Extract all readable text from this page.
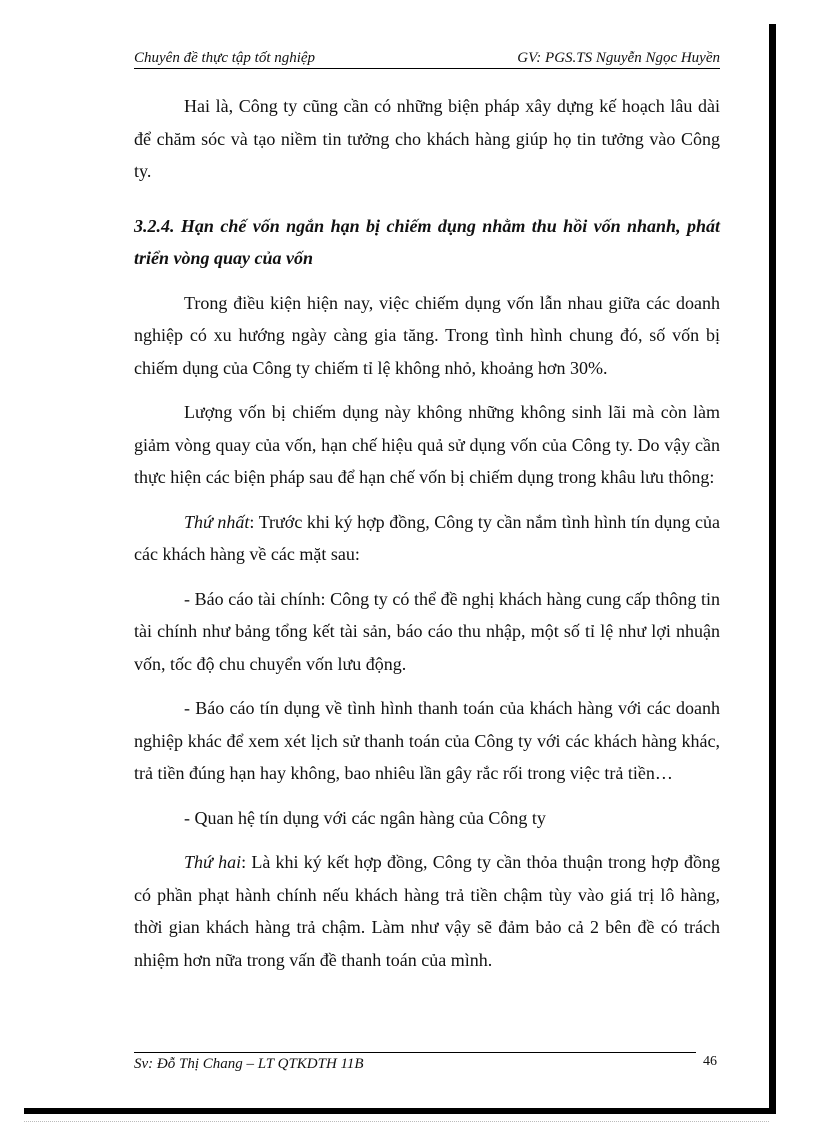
Chuyên đề thực tập tốt nghiệp	GV: PGS.TS Nguyễn Ngọc Huyền

Hai là, Công ty cũng cần có những biện pháp xây dựng kế hoạch lâu dài để chăm sóc và tạo niềm tin tưởng cho khách hàng giúp họ tin tưởng vào Công ty.

3.2.4. Hạn chế vốn ngắn hạn bị chiếm dụng nhằm thu hồi vốn nhanh, phát triển vòng quay của vốn

Trong điều kiện hiện nay, việc chiếm dụng vốn lẫn nhau giữa các doanh nghiệp có xu hướng ngày càng gia tăng. Trong tình hình chung đó, số vốn bị chiếm dụng của Công ty chiếm tỉ lệ không nhỏ, khoảng hơn 30%.

Lượng vốn bị chiếm dụng này không những không sinh lãi mà còn làm giảm vòng quay của vốn, hạn chế hiệu quả sử dụng vốn của Công ty. Do vậy cần thực hiện các biện pháp sau để hạn chế vốn bị chiếm dụng trong khâu lưu thông:

Thứ nhất: Trước khi ký hợp đồng, Công ty cần nắm tình hình tín dụng của các khách hàng về các mặt sau:

- Báo cáo tài chính: Công ty có thể đề nghị khách hàng cung cấp thông tin tài chính như bảng tổng kết tài sản, báo cáo thu nhập, một số tỉ lệ như lợi nhuận vốn, tốc độ chu chuyển vốn lưu động.

- Báo cáo tín dụng về tình hình thanh toán của khách hàng với các doanh nghiệp khác để xem xét lịch sử thanh toán của Công ty với các khách hàng khác, trả tiền đúng hạn hay không, bao nhiêu lần gây rắc rối trong việc trả tiền…

- Quan hệ tín dụng với các ngân hàng của Công ty

Thứ hai: Là khi ký kết hợp đồng, Công ty cần thỏa thuận trong hợp đồng có phần phạt hành chính nếu khách hàng trả tiền chậm tùy vào giá trị lô hàng, thời gian khách hàng trả chậm. Làm như vậy sẽ đảm bảo cả 2 bên đề có trách nhiệm hơn nữa trong vấn đề thanh toán của mình.

Sv: Đỗ Thị Chang – LT QTKDTH 11B	46
